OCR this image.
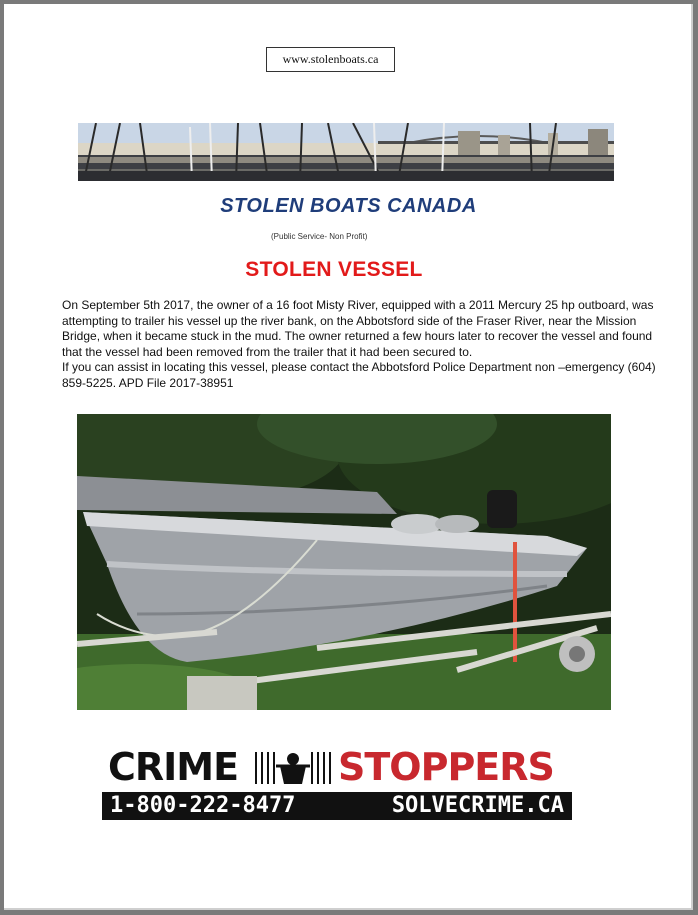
www.stolenboats.ca
STOLEN BOATS CANADA
(Public Service- Non Profit)
STOLEN VESSEL

On September 5th 2017, the owner of a 16 foot Misty River, equipped with a 2011 Mercury 25 hp outboard, was attempting to trailer his vessel up the river bank, on the Abbotsford side of the Fraser River, near the Mission Bridge, when it became stuck in the mud. The owner returned a few hours later to recover the vessel and found that the vessel had been removed from the trailer that it had been secured to.

If you can assist in locating this vessel, please contact the Abbotsford Police Department non –emergency (604) 859-5225. APD File 2017-38951

CRIME	STOPPERS
1-800-222-8477	SOLVECRIME.CA
